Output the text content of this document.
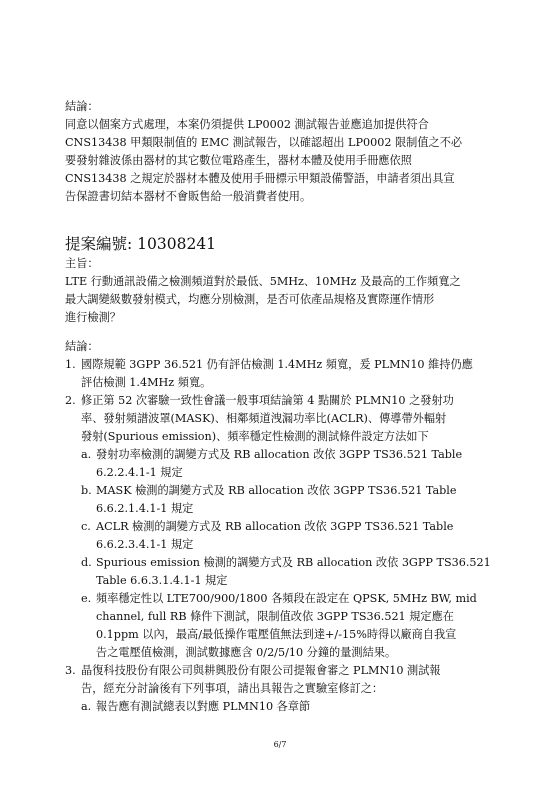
結論：
同意以個案方式處理，本案仍須提供 LP0002 測試報告並應追加提供符合
CNS13438 甲類限制值的 EMC 測試報告，以確認超出 LP0002 限制值之不必
要發射雜波係由器材的其它數位電路產生，器材本體及使用手冊應依照
CNS13438 之規定於器材本體及使用手冊標示甲類設備警語，申請者須出具宣
告保證書切結本器材不會販售給一般消費者使用。
提案編號: 10308241
主旨：
LTE 行動通訊設備之檢測頻道對於最低、5MHz、10MHz 及最高的工作頻寬之
最大調變級數發射模式，均應分別檢測，是否可依產品規格及實際運作情形
進行檢測？
結論：
1. 國際規範 3GPP 36.521 仍有評估檢測 1.4MHz 頻寬，爰 PLMN10 維持仍應
評估檢測 1.4MHz 頻寬。
2. 修正第 52 次審驗一致性會議一般事項結論第 4 點關於 PLMN10 之發射功
率、發射頻譜波罩(MASK)、相鄰頻道洩漏功率比(ACLR)、傳導帶外輻射
發射(Spurious emission)、頻率穩定性檢測的測試條件設定方法如下
a. 發射功率檢測的調變方式及 RB allocation 改依 3GPP TS36.521 Table
6.2.2.4.1-1 規定
b. MASK 檢測的調變方式及 RB allocation 改依 3GPP TS36.521 Table
6.6.2.1.4.1-1 規定
c. ACLR 檢測的調變方式及 RB allocation 改依 3GPP TS36.521 Table
6.6.2.3.4.1-1 規定
d. Spurious emission 檢測的調變方式及 RB allocation 改依 3GPP TS36.521
Table 6.6.3.1.4.1-1 規定
e. 頻率穩定性以 LTE700/900/1800 各頻段在設定在 QPSK, 5MHz BW, mid
channel, full RB 條件下測試，限制值改依 3GPP TS36.521 規定應在
0.1ppm 以內，最高/最低操作電壓值無法到達+/-15%時得以廠商自我宣
告之電壓值檢測，測試數據應含 0/2/5/10 分鐘的量測結果。
3. 晶復科技股份有限公司與耕興股份有限公司提報會審之 PLMN10 測試報
告，經充分討論後有下列事項，請出具報告之實驗室修訂之：
a. 報告應有測試總表以對應 PLMN10 各章節
6/7
